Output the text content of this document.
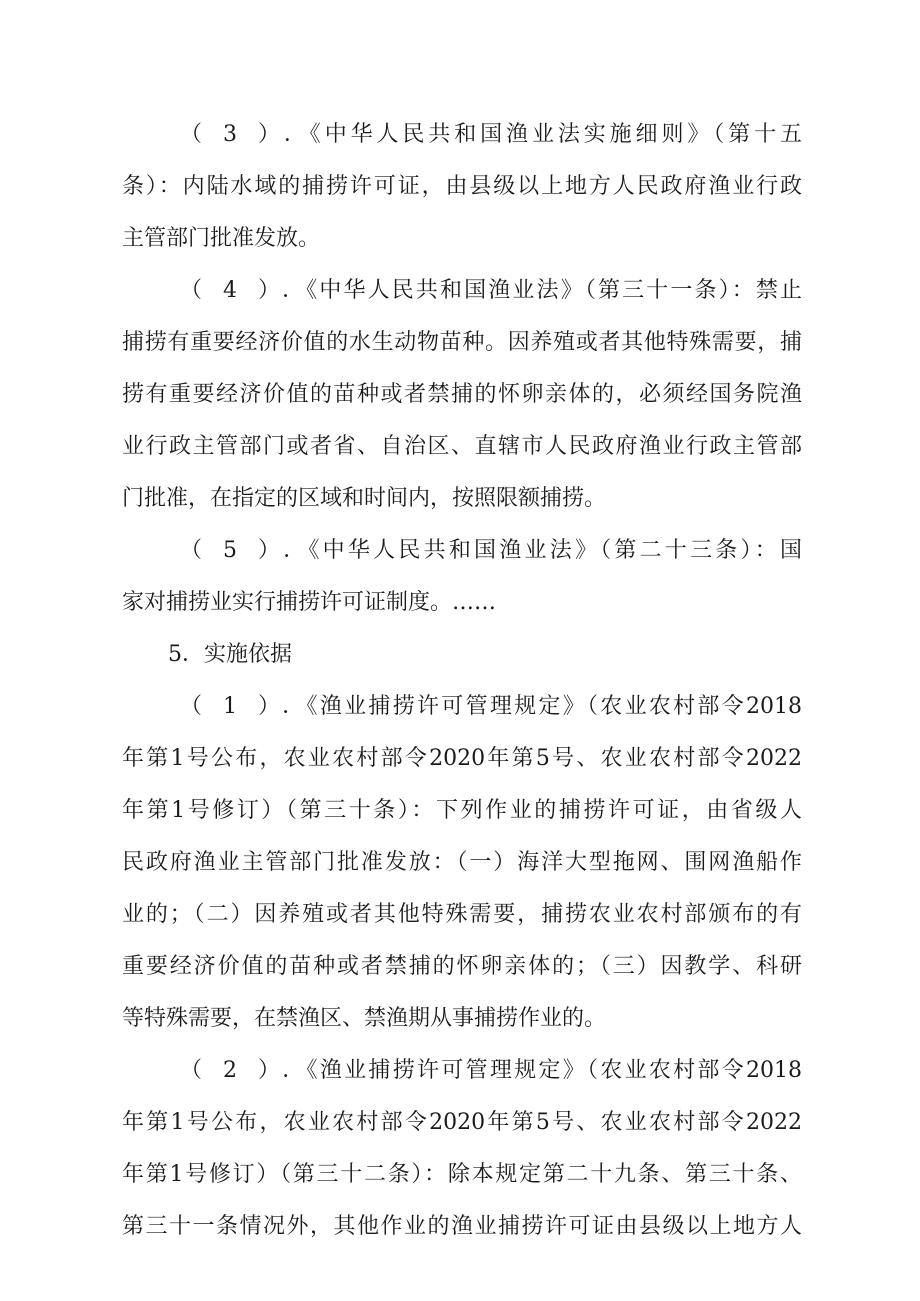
（3）．《中华人民共和国渔业法实施细则》（第十五
条）：内陆水域的捕捞许可证，由县级以上地方人民政府渔业行政
主管部门批准发放。
（4）．《中华人民共和国渔业法》（第三十一条）：禁止
捕捞有重要经济价值的水生动物苗种。因养殖或者其他特殊需要，捕
捞有重要经济价值的苗种或者禁捕的怀卵亲体的，必须经国务院渔
业行政主管部门或者省、自治区、直辖市人民政府渔业行政主管部
门批准，在指定的区域和时间内，按照限额捕捞。
（5）．《中华人民共和国渔业法》（第二十三条）：国
家对捕捞业实行捕捞许可证制度。……
5．实施依据
（1）．《渔业捕捞许可管理规定》（农业农村部令2018
年第1号公布，农业农村部令2020年第5号、农业农村部令2022
年第1号修订）（第三十条）：下列作业的捕捞许可证，由省级人
民政府渔业主管部门批准发放：（一）海洋大型拖网、围网渔船作
业的；（二）因养殖或者其他特殊需要，捕捞农业农村部颁布的有
重要经济价值的苗种或者禁捕的怀卵亲体的；（三）因教学、科研
等特殊需要，在禁渔区、禁渔期从事捕捞作业的。
（2）．《渔业捕捞许可管理规定》（农业农村部令2018
年第1号公布，农业农村部令2020年第5号、农业农村部令2022
年第1号修订）（第三十二条）：除本规定第二十九条、第三十条、
第三十一条情况外，其他作业的渔业捕捞许可证由县级以上地方人
